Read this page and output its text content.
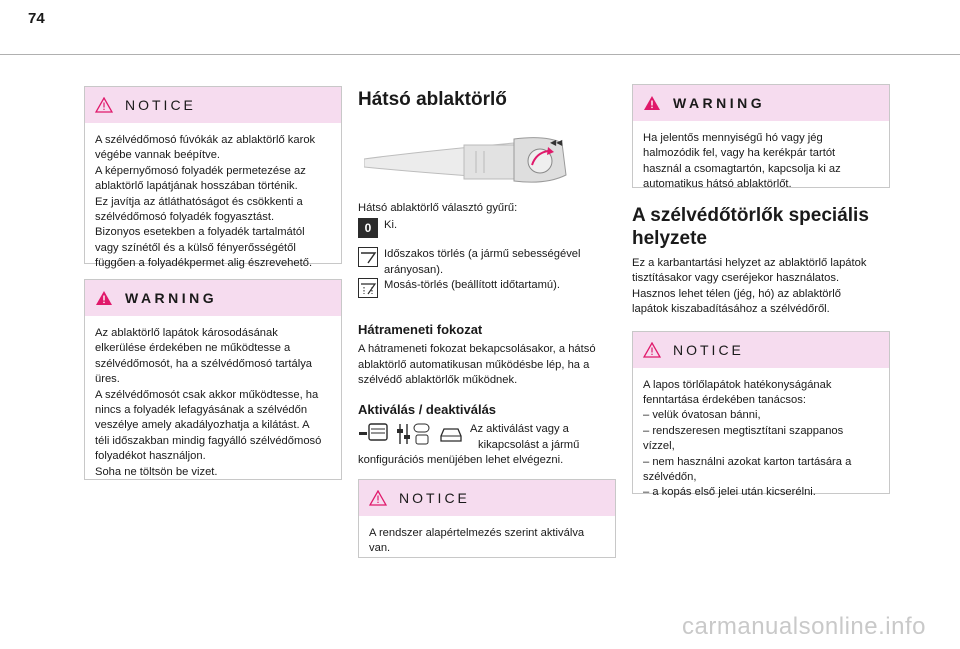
74
NOTICE

A szélvédőmosó fúvókák az ablaktörlő karok

végébe vannak beépítve.

A képernyőmosó folyadék permetezése az

ablaktörlő lapátjának hosszában történik.

Ez javítja az átláthatóságot és csökkenti a

szélvédőmosó folyadék fogyasztást.

Bizonyos esetekben a folyadék tartalmától

vagy színétől és a külső fényerősségétől

függően a folyadékpermet alig észrevehető.

WARNING

Az ablaktörlő lapátok károsodásának

elkerülése érdekében ne működtesse a

szélvédőmosót, ha a szélvédőmosó tartálya

üres.

A szélvédőmosót csak akkor működtesse, ha

nincs a folyadék lefagyásának a szélvédőn

veszélye amely akadályozhatja a kilátást. A

téli időszakban mindig fagyálló szélvédőmosó

folyadékot használjon.

Soha ne töltsön be vizet.

Hátsó ablaktörlő
◀◀
Hátsó ablaktörlő választó gyűrű:
0	Ki.
Időszakos törlés (a jármű sebességével arányosan).
Mosás-törlés (beállított időtartamú).
Hátrameneti fokozat

A hátrameneti fokozat bekapcsolásakor, a hátsó

ablaktörlő automatikusan működésbe lép, ha a

szélvédő ablaktörlők működnek.

Aktiválás / deaktiválás

Az aktiválást vagy a

kikapcsolást a jármű

konfigurációs menüjében lehet elvégezni.
NOTICE

A rendszer alapértelmezés szerint aktiválva

van.

WARNING

Ha jelentős mennyiségű hó vagy jég

halmozódik fel, vagy ha kerékpár tartót

használ a csomagtartón, kapcsolja ki az

automatikus hátsó ablaktörlőt.

A szélvédőtörlők speciális
helyzete

Ez a karbantartási helyzet az ablaktörlő lapátok

tisztításakor vagy cseréjekor használatos.

Hasznos lehet télen (jég, hó) az ablaktörlő

lapátok kiszabadításához a szélvédőről.

NOTICE

A lapos törlőlapátok hatékonyságának

fenntartása érdekében tanácsos:

– velük óvatosan bánni,

– rendszeresen megtisztítani szappanos

vízzel,

– nem használni azokat karton tartására a

szélvédőn,

– a kopás első jelei után kicserélni.

carmanualsonline.info
